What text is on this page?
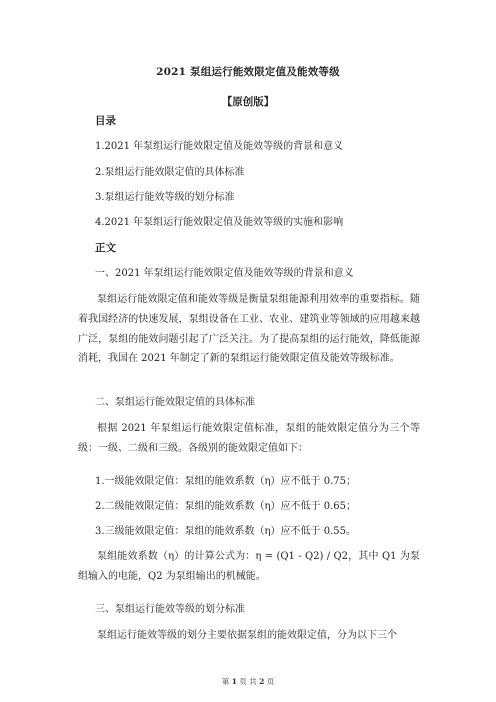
2021 泵组运行能效限定值及能效等级
【原创版】
目录
1.2021 年泵组运行能效限定值及能效等级的背景和意义
2.泵组运行能效限定值的具体标准
3.泵组运行能效等级的划分标准
4.2021 年泵组运行能效限定值及能效等级的实施和影响
正文
一、2021 年泵组运行能效限定值及能效等级的背景和意义
泵组运行能效限定值和能效等级是衡量泵组能源利用效率的重要指标。随着我国经济的快速发展，泵组设备在工业、农业、建筑业等领域的应用越来越广泛，泵组的能效问题引起了广泛关注。为了提高泵组的运行能效，降低能源消耗，我国在 2021 年制定了新的泵组运行能效限定值及能效等级标准。
二、泵组运行能效限定值的具体标准
根据 2021 年泵组运行能效限定值标准，泵组的能效限定值分为三个等级：一级、二级和三级。各级别的能效限定值如下：
1.一级能效限定值：泵组的能效系数（η）应不低于 0.75；
2.二级能效限定值：泵组的能效系数（η）应不低于 0.65；
3.三级能效限定值：泵组的能效系数（η）应不低于 0.55。
泵组能效系数（η）的计算公式为：η = (Q1 - Q2) / Q2，其中 Q1 为泵组输入的电能，Q2 为泵组输出的机械能。
三、泵组运行能效等级的划分标准
泵组运行能效等级的划分主要依据泵组的能效限定值，分为以下三个
第 1 页 共 2 页
